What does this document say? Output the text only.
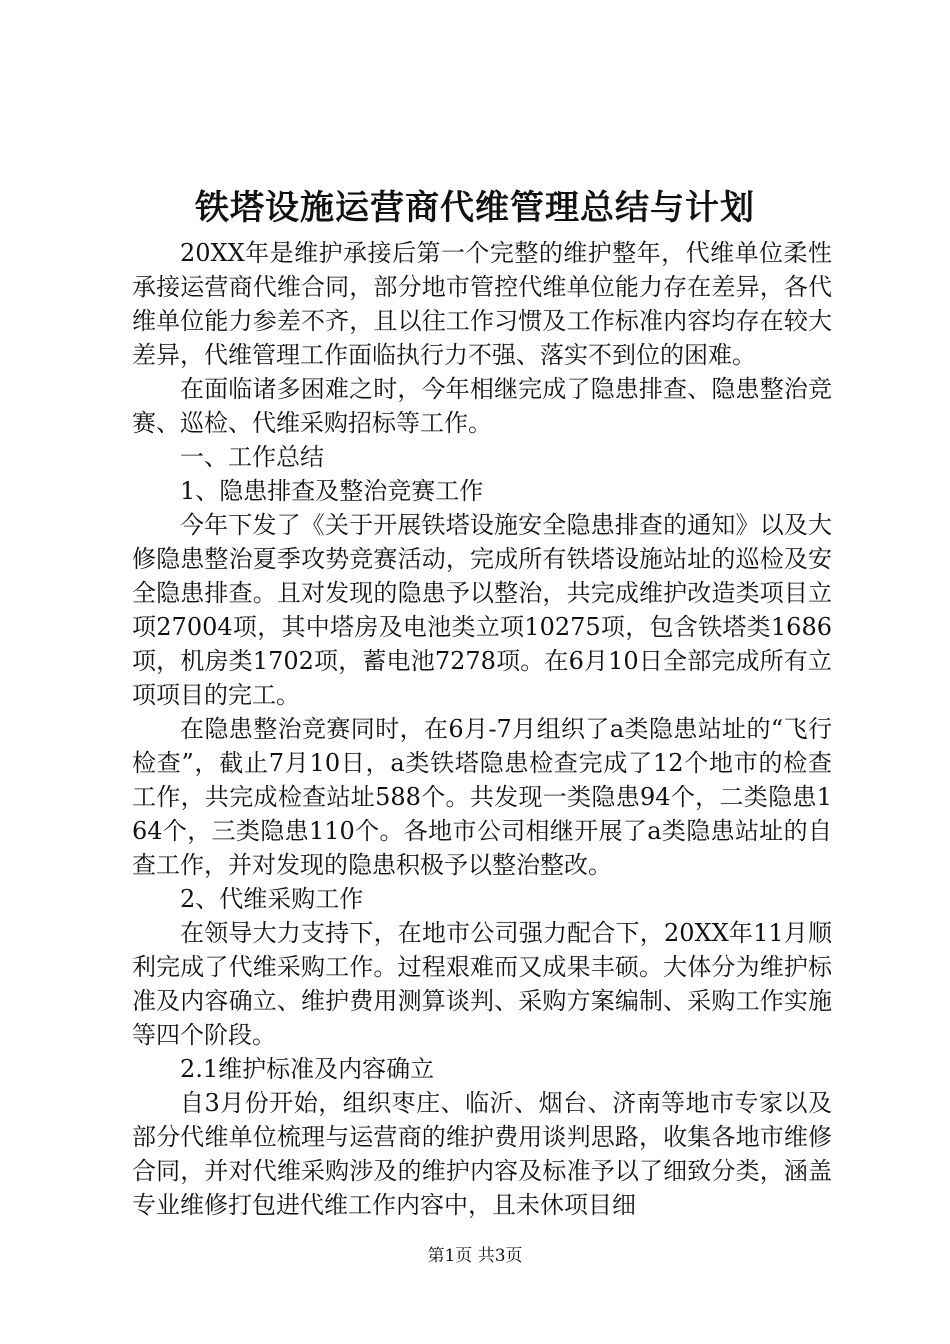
铁塔设施运营商代维管理总结与计划

20XX年是维护承接后第一个完整的维护整年，代维单位柔性承接运营商代维合同，部分地市管控代维单位能力存在差异，各代维单位能力参差不齐，且以往工作习惯及工作标准内容均存在较大差异，代维管理工作面临执行力不强、落实不到位的困难。

在面临诸多困难之时，今年相继完成了隐患排查、隐患整治竞赛、巡检、代维采购招标等工作。

一、工作总结

1、隐患排查及整治竞赛工作

今年下发了《关于开展铁塔设施安全隐患排查的通知》以及大修隐患整治夏季攻势竞赛活动，完成所有铁塔设施站址的巡检及安全隐患排查。且对发现的隐患予以整治，共完成维护改造类项目立项27004项，其中塔房及电池类立项10275项，包含铁塔类1686项，机房类1702项，蓄电池7278项。在6月10日全部完成所有立项项目的完工。

在隐患整治竞赛同时，在6月-7月组织了a类隐患站址的“飞行检查”，截止7月10日，a类铁塔隐患检查完成了12个地市的检查工作，共完成检查站址588个。共发现一类隐患94个，二类隐患164个，三类隐患110个。各地市公司相继开展了a类隐患站址的自查工作，并对发现的隐患积极予以整治整改。

2、代维采购工作

在领导大力支持下，在地市公司强力配合下，20XX年11月顺利完成了代维采购工作。过程艰难而又成果丰硕。大体分为维护标准及内容确立、维护费用测算谈判、采购方案编制、采购工作实施等四个阶段。

2.1维护标准及内容确立

自3月份开始，组织枣庄、临沂、烟台、济南等地市专家以及部分代维单位梳理与运营商的维护费用谈判思路，收集各地市维修合同，并对代维采购涉及的维护内容及标准予以了细致分类，涵盖专业维修打包进代维工作内容中，且未休项目细

第1页 共3页
